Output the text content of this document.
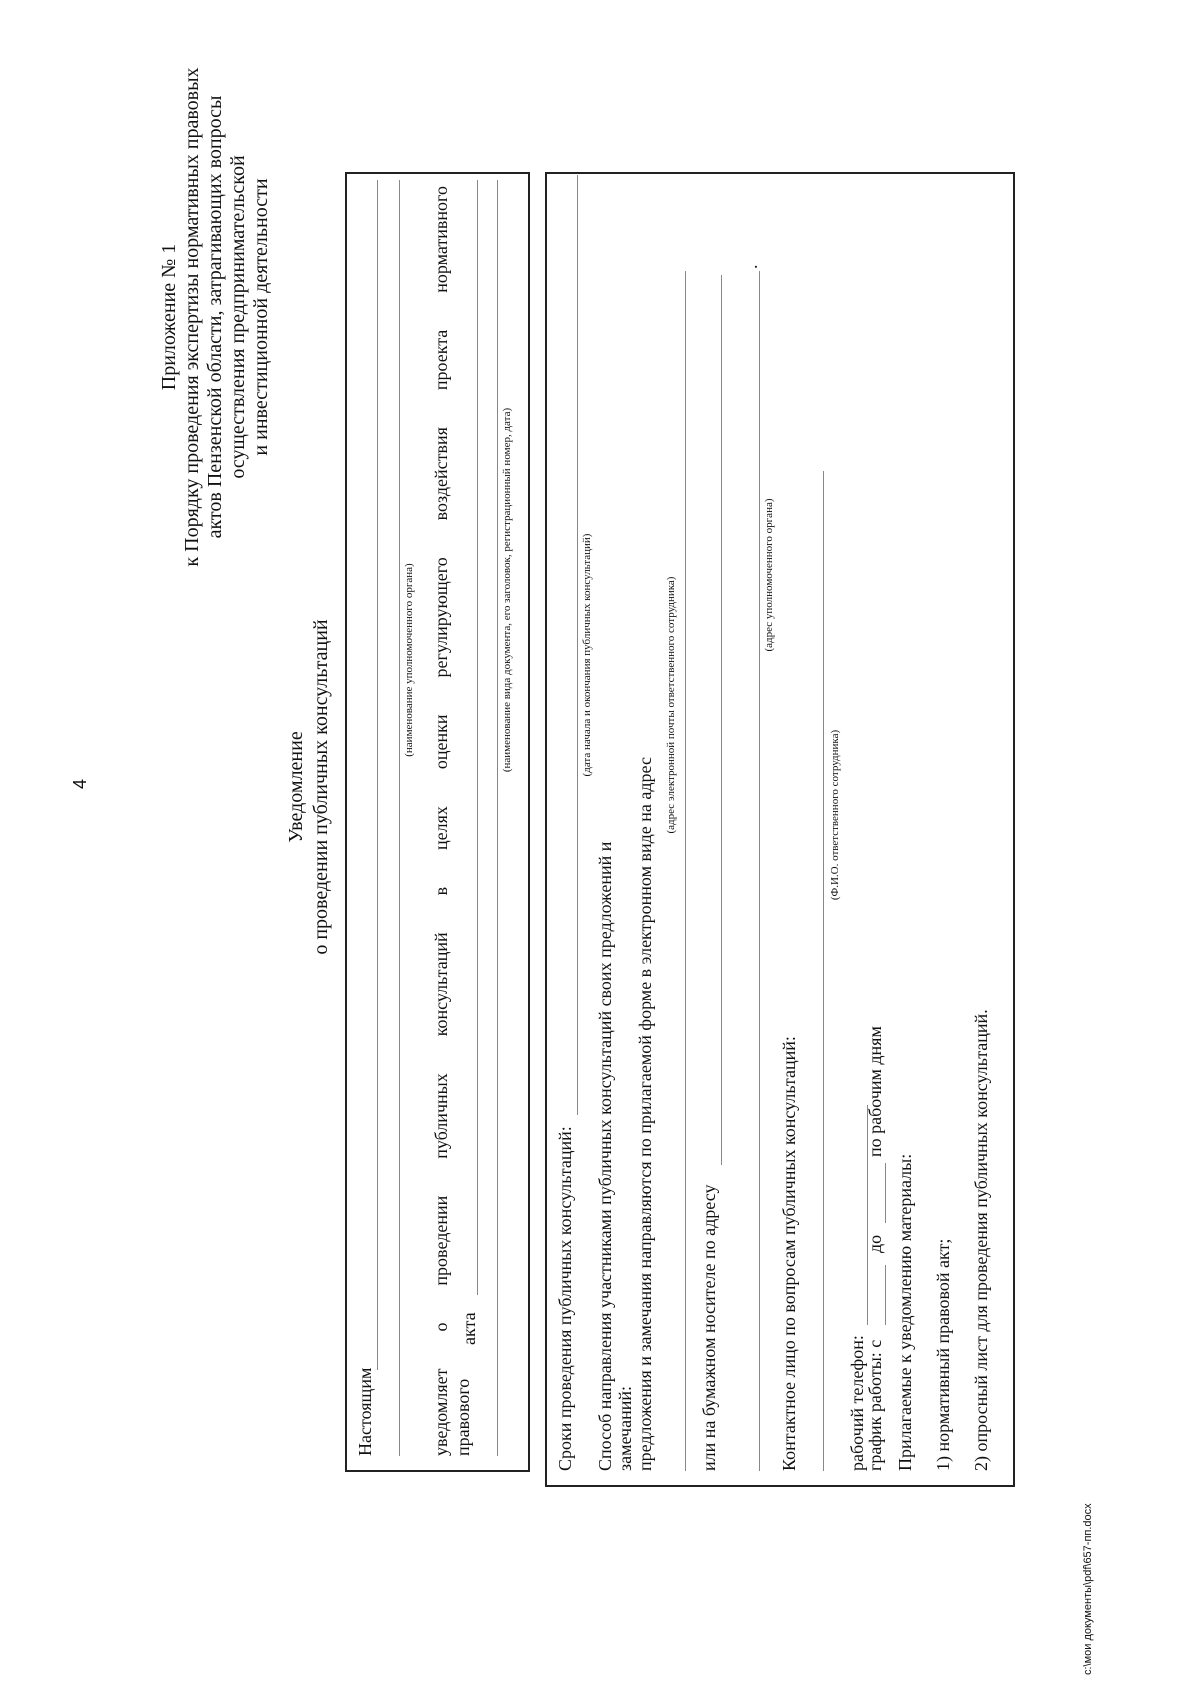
4
Приложение № 1 к Порядку проведения экспертизы нормативных правовых актов Пензенской области, затрагивающих вопросы осуществления предпринимательской и инвестиционной деятельности
Уведомление о проведении публичных консультаций
Настоящим
(наименование уполномоченного органа) уведомляет о проведении публичных консультаций в целях оценки регулирующего воздействия проекта нормативного правового
акта
(наименование вида документа, его заголовок, регистрационный номер, дата)
Сроки проведения публичных консультаций:
(дата начала и окончания публичных консультаций)
Способ направления участниками публичных консультаций своих предложений и замечаний: предложения и замечания направляются по прилагаемой форме в электронном виде на адрес
(адрес электронной почты ответственного сотрудника)
или на бумажном носителе по адресу
.
(адрес уполномоченного органа)
Контактное лицо по вопросам публичных консультаций:
(Ф.И.О. ответственного сотрудника)
рабочий телефон:
график работы: с
до
по рабочим дням
Прилагаемые к уведомлению материалы: 1) нормативный правовой акт; 2) опросный лист для проведения публичных консультаций.
c:\мои документы\pdf\657-пп.docx
